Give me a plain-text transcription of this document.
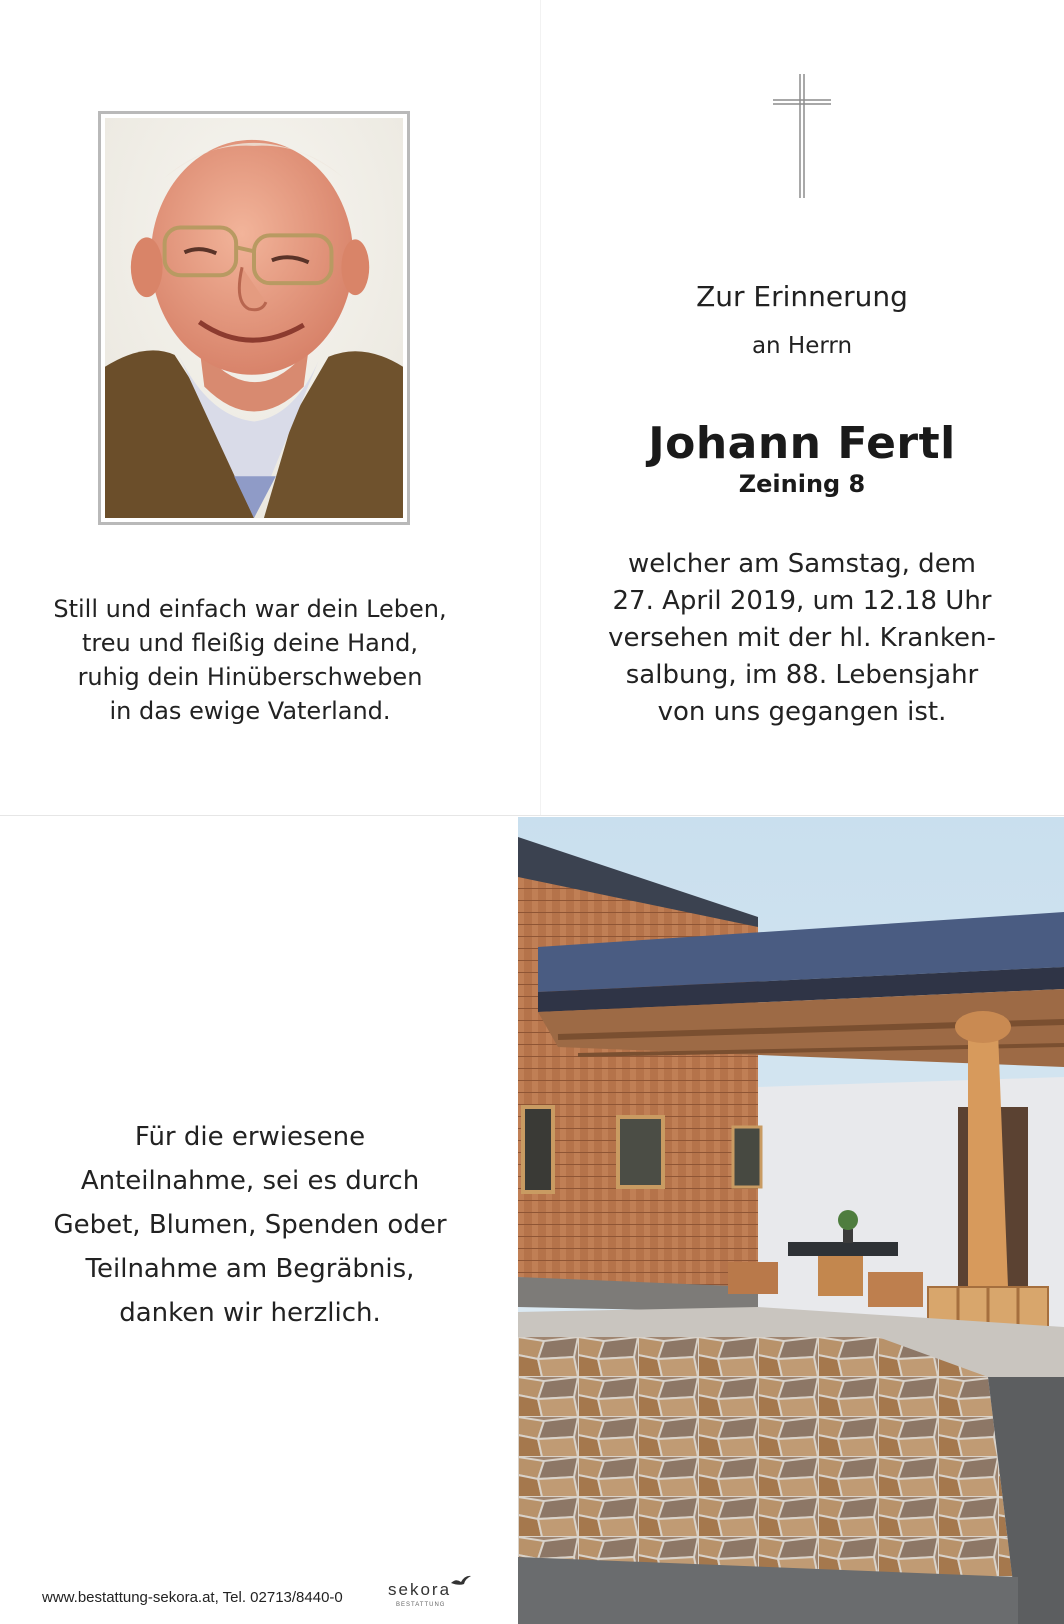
Still und einfach war dein Leben,
treu und fleißig deine Hand,
ruhig dein Hinüberschweben
in das ewige Vaterland.
Zur Erinnerung
an Herrn
Johann Fertl
Zeining 8
welcher am Samstag, dem
27. April 2019, um 12.18 Uhr
versehen mit der hl. Kranken-
salbung, im 88. Lebensjahr
von uns gegangen ist.
Für die erwiesene
Anteilnahme, sei es durch
Gebet, Blumen, Spenden oder
Teilnahme am Begräbnis,
danken wir herzlich.
www.bestattung-sekora.at, Tel. 02713/8440-0	sekora
BESTATTUNG
